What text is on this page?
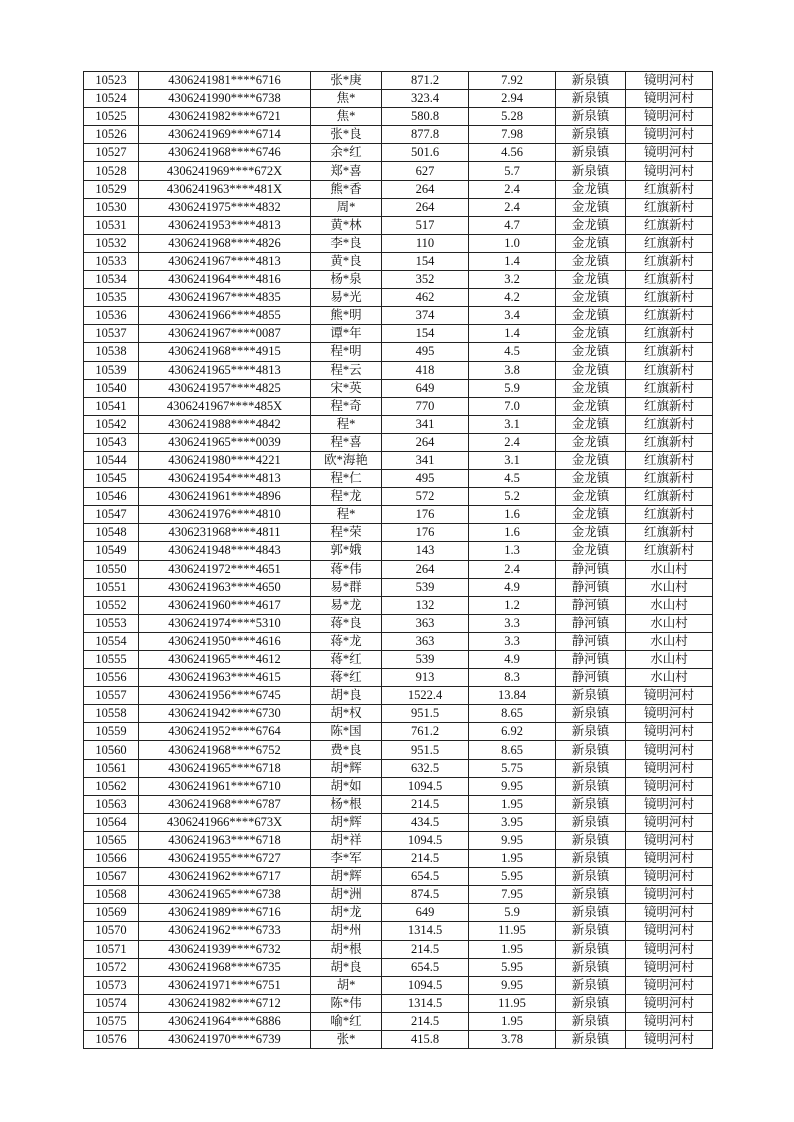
10523	4306241981****6716	张*庚	871.2	7.92	新泉镇	镜明河村
10524	4306241990****6738	焦*	323.4	2.94	新泉镇	镜明河村
10525	4306241982****6721	焦*	580.8	5.28	新泉镇	镜明河村
10526	4306241969****6714	张*良	877.8	7.98	新泉镇	镜明河村
10527	4306241968****6746	余*红	501.6	4.56	新泉镇	镜明河村
10528	4306241969****672X	郑*喜	627	5.7	新泉镇	镜明河村
10529	4306241963****481X	熊*香	264	2.4	金龙镇	红旗新村
10530	4306241975****4832	周*	264	2.4	金龙镇	红旗新村
10531	4306241953****4813	黄*林	517	4.7	金龙镇	红旗新村
10532	4306241968****4826	李*良	110	1.0	金龙镇	红旗新村
10533	4306241967****4813	黄*良	154	1.4	金龙镇	红旗新村
10534	4306241964****4816	杨*泉	352	3.2	金龙镇	红旗新村
10535	4306241967****4835	易*光	462	4.2	金龙镇	红旗新村
10536	4306241966****4855	熊*明	374	3.4	金龙镇	红旗新村
10537	4306241967****0087	谭*年	154	1.4	金龙镇	红旗新村
10538	4306241968****4915	程*明	495	4.5	金龙镇	红旗新村
10539	4306241965****4813	程*云	418	3.8	金龙镇	红旗新村
10540	4306241957****4825	宋*英	649	5.9	金龙镇	红旗新村
10541	4306241967****485X	程*奇	770	7.0	金龙镇	红旗新村
10542	4306241988****4842	程*	341	3.1	金龙镇	红旗新村
10543	4306241965****0039	程*喜	264	2.4	金龙镇	红旗新村
10544	4306241980****4221	欧*海艳	341	3.1	金龙镇	红旗新村
10545	4306241954****4813	程*仁	495	4.5	金龙镇	红旗新村
10546	4306241961****4896	程*龙	572	5.2	金龙镇	红旗新村
10547	4306241976****4810	程*	176	1.6	金龙镇	红旗新村
10548	4306231968****4811	程*荣	176	1.6	金龙镇	红旗新村
10549	4306241948****4843	郭*娥	143	1.3	金龙镇	红旗新村
10550	4306241972****4651	蒋*伟	264	2.4	静河镇	水山村
10551	4306241963****4650	易*群	539	4.9	静河镇	水山村
10552	4306241960****4617	易*龙	132	1.2	静河镇	水山村
10553	4306241974****5310	蒋*良	363	3.3	静河镇	水山村
10554	4306241950****4616	蒋*龙	363	3.3	静河镇	水山村
10555	4306241965****4612	蒋*红	539	4.9	静河镇	水山村
10556	4306241963****4615	蒋*红	913	8.3	静河镇	水山村
10557	4306241956****6745	胡*良	1522.4	13.84	新泉镇	镜明河村
10558	4306241942****6730	胡*权	951.5	8.65	新泉镇	镜明河村
10559	4306241952****6764	陈*国	761.2	6.92	新泉镇	镜明河村
10560	4306241968****6752	费*良	951.5	8.65	新泉镇	镜明河村
10561	4306241965****6718	胡*辉	632.5	5.75	新泉镇	镜明河村
10562	4306241961****6710	胡*如	1094.5	9.95	新泉镇	镜明河村
10563	4306241968****6787	杨*根	214.5	1.95	新泉镇	镜明河村
10564	4306241966****673X	胡*辉	434.5	3.95	新泉镇	镜明河村
10565	4306241963****6718	胡*祥	1094.5	9.95	新泉镇	镜明河村
10566	4306241955****6727	李*军	214.5	1.95	新泉镇	镜明河村
10567	4306241962****6717	胡*辉	654.5	5.95	新泉镇	镜明河村
10568	4306241965****6738	胡*洲	874.5	7.95	新泉镇	镜明河村
10569	4306241989****6716	胡*龙	649	5.9	新泉镇	镜明河村
10570	4306241962****6733	胡*州	1314.5	11.95	新泉镇	镜明河村
10571	4306241939****6732	胡*根	214.5	1.95	新泉镇	镜明河村
10572	4306241968****6735	胡*良	654.5	5.95	新泉镇	镜明河村
10573	4306241971****6751	胡*	1094.5	9.95	新泉镇	镜明河村
10574	4306241982****6712	陈*伟	1314.5	11.95	新泉镇	镜明河村
10575	4306241964****6886	喻*红	214.5	1.95	新泉镇	镜明河村
10576	4306241970****6739	张*	415.8	3.78	新泉镇	镜明河村
